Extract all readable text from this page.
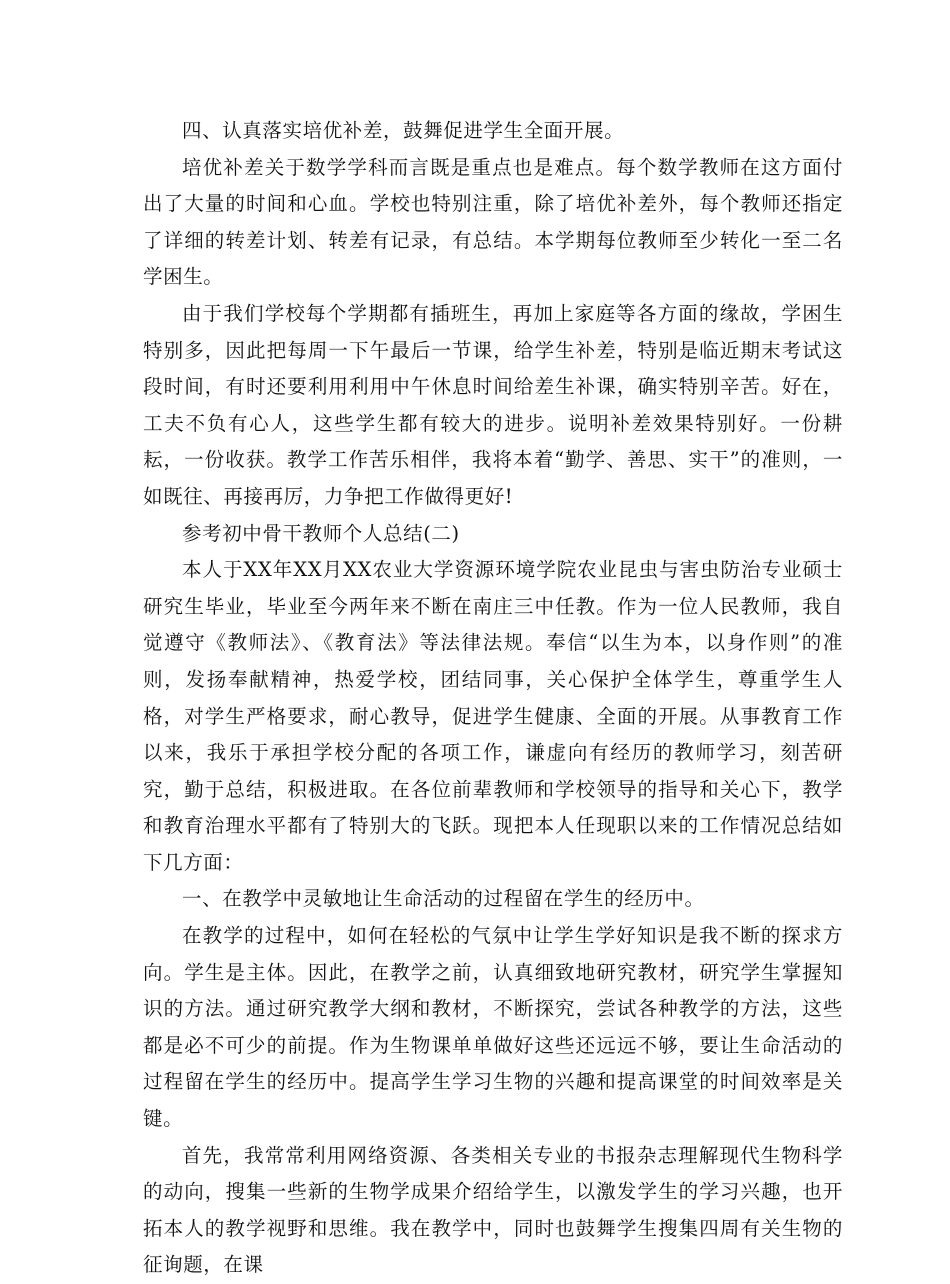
四、认真落实培优补差，鼓舞促进学生全面开展。

培优补差关于数学学科而言既是重点也是难点。每个数学教师在这方面付出了大量的时间和心血。学校也特别注重，除了培优补差外，每个教师还指定了详细的转差计划、转差有记录，有总结。本学期每位教师至少转化一至二名学困生。

由于我们学校每个学期都有插班生，再加上家庭等各方面的缘故，学困生特别多，因此把每周一下午最后一节课，给学生补差，特别是临近期末考试这段时间，有时还要利用利用中午休息时间给差生补课，确实特别辛苦。好在，工夫不负有心人，这些学生都有较大的进步。说明补差效果特别好。一份耕耘，一份收获。教学工作苦乐相伴，我将本着“勤学、善思、实干”的准则，一如既往、再接再厉，力争把工作做得更好!

参考初中骨干教师个人总结(二)

本人于XX年XX月XX农业大学资源环境学院农业昆虫与害虫防治专业硕士研究生毕业，毕业至今两年来不断在南庄三中任教。作为一位人民教师，我自觉遵守《教师法》、《教育法》等法律法规。奉信“以生为本，以身作则”的准则，发扬奉献精神，热爱学校，团结同事，关心保护全体学生，尊重学生人格，对学生严格要求，耐心教导，促进学生健康、全面的开展。从事教育工作以来，我乐于承担学校分配的各项工作，谦虚向有经历的教师学习，刻苦研究，勤于总结，积极进取。在各位前辈教师和学校领导的指导和关心下，教学和教育治理水平都有了特别大的飞跃。现把本人任现职以来的工作情况总结如下几方面：

一、在教学中灵敏地让生命活动的过程留在学生的经历中。

在教学的过程中，如何在轻松的气氛中让学生学好知识是我不断的探求方向。学生是主体。因此，在教学之前，认真细致地研究教材，研究学生掌握知识的方法。通过研究教学大纲和教材，不断探究，尝试各种教学的方法，这些都是必不可少的前提。作为生物课单单做好这些还远远不够，要让生命活动的过程留在学生的经历中。提高学生学习生物的兴趣和提高课堂的时间效率是关键。

首先，我常常利用网络资源、各类相关专业的书报杂志理解现代生物科学的动向，搜集一些新的生物学成果介绍给学生，以激发学生的学习兴趣，也开拓本人的教学视野和思维。我在教学中，同时也鼓舞学生搜集四周有关生物的征询题，在课
